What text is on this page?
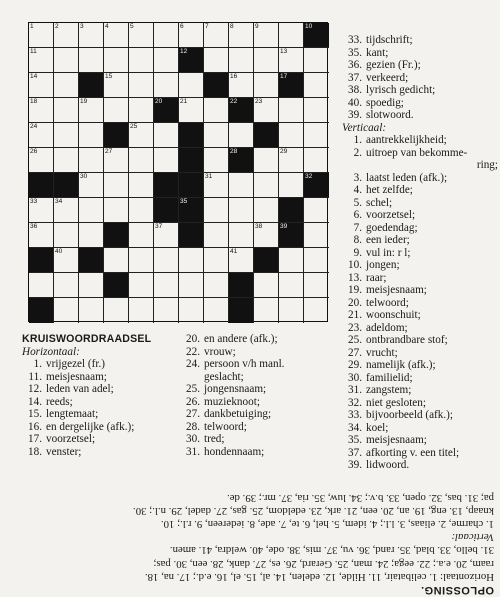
1	2	3	4	5	6	7	8	9	10
11	12	13
14	15	16	17
18	19	20	21	22	23
24	25
26	27	28	29
30	31	32
33	34	35
36	37	38	39
40	41
33. tijdschrift;
35. kant;
36. gezien (Fr.);
37. verkeerd;
38. lyrisch gedicht;
40. spoedig;
39. slotwoord.
Verticaal:
1. aantrekkelijkheid;
2. uitroep van bekomme-
ring;
3. laatst leden (afk.);
4. het zelfde;
5. schel;
6. voorzetsel;
7. goedendag;
8. een ieder;
9. vul in: r l;
10. jongen;
13. raar;
19. meisjesnaam;
20. telwoord;
21. woonschuit;
23. adeldom;
25. ontbrandbare stof;
27. vrucht;
29. namelijk (afk.);
30. familielid;
31. zangstem;
32. niet gesloten;
33. bijvoorbeeld (afk.);
34. koel;
35. meisjesnaam;
37. afkorting v. een titel;
39. lidwoord.
KRUISWOORDRAADSEL
Horizontaal:
1. vrijgezel (fr.)
11. meisjesnaam;
12. leden van adel;
14. reeds;
15. lengtemaat;
16. en dergelijke (afk.);
17. voorzetsel;
18. venster;
20. en andere (afk.);
22. vrouw;
24. persoon v/h manl.
geslacht;
25. jongensnaam;
26. muzieknoot;
27. dankbetuiging;
28. telwoord;
30. tred;
31. hondennaam;
OPLOSSING.
Horizontaal: 1. celibatair, 11. Hilde, 12. edelen, 14. al, 15. el, 16. e.d.; 17. na, 18.
raam, 20. e.a.; 22. eega; 24. man, 25. Gerard, 26. es, 27. dank, 28. een, 30. pas;
31. bello, 33. blad, 35. rand, 36. vu, 37. mis, 38. ode, 40. weldra, 41. amen.
Verticaal:
1. charme, 2. eliaas, 3. l.l.; 4. idem, 5. hel, 6. te, 7. ade, 8. iedereen, 9. r.l.; 10.
knaap, 13. eng, 19. an, 20. een, 21. ark, 23. edeldom, 25. gas, 27. dadel, 29. n.l.; 30.
pa; 31. bas, 32. open, 33. b.v.; 34. luw, 35. ria, 37. mr.; 39. de.
